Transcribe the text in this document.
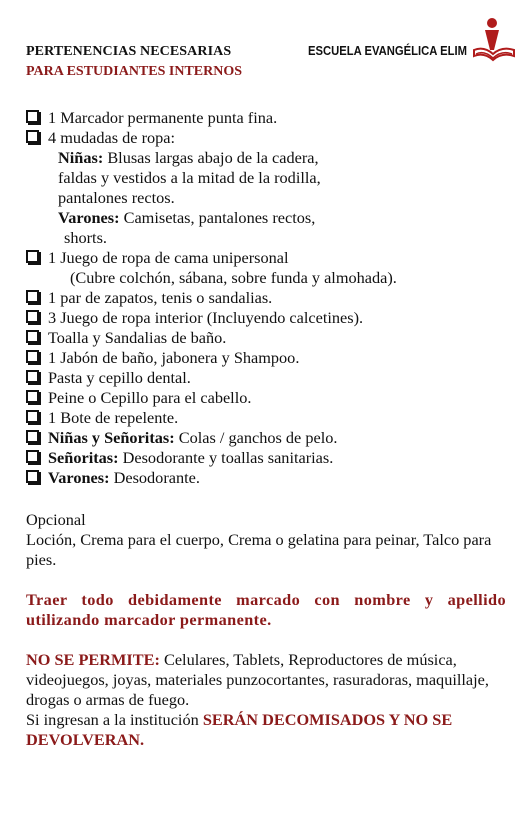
PERTENENCIAS NECESARIAS
PARA ESTUDIANTES INTERNOS
ESCUELA EVANGÉLICA ELIM
1 Marcador permanente punta fina.
4 mudadas de ropa:
Niñas: Blusas largas abajo de la cadera,
faldas y vestidos a la mitad de la rodilla,
pantalones rectos.
Varones: Camisetas, pantalones rectos,
shorts.
1 Juego de ropa de cama unipersonal
(Cubre colchón, sábana, sobre funda y almohada).
1 par de zapatos, tenis o sandalias.
3 Juego de ropa interior (Incluyendo calcetines).
Toalla y Sandalias de baño.
1 Jabón de baño, jabonera y Shampoo.
Pasta y cepillo dental.
Peine o Cepillo para el cabello.
1 Bote de repelente.
Niñas y Señoritas: Colas / ganchos de pelo.
Señoritas: Desodorante y toallas sanitarias.
Varones: Desodorante.
Opcional
Loción, Crema para el cuerpo, Crema o gelatina para peinar, Talco para pies.
Traer todo debidamente marcado con nombre y apellido utilizando marcador permanente.
NO SE PERMITE: Celulares, Tablets, Reproductores de música, videojuegos, joyas, materiales punzocortantes, rasuradoras, maquillaje, drogas o armas de fuego.
Si ingresan a la institución SERÁN DECOMISADOS Y NO SE DEVOLVERAN.
